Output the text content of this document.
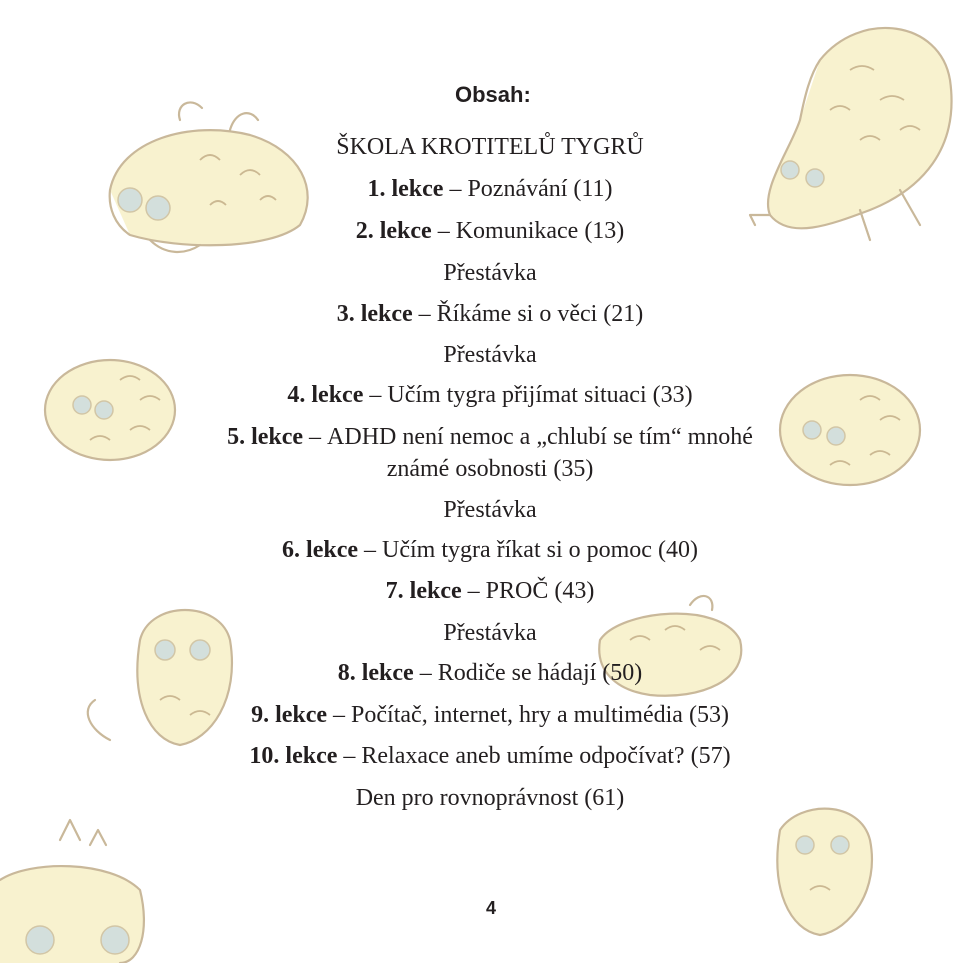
Obsah:
ŠKOLA KROTITELŮ TYGRŮ
1. lekce – Poznávání (11)
2. lekce – Komunikace (13)
Přestávka
3. lekce – Říkáme si o věci (21)
Přestávka
4. lekce – Učím tygra přijímat situaci (33)
5. lekce – ADHD není nemoc a „chlubí se tím“ mnohé
známé osobnosti (35)
Přestávka
6. lekce – Učím tygra říkat si o pomoc (40)
7. lekce – PROČ (43)
Přestávka
8. lekce – Rodiče se hádají (50)
9. lekce – Počítač, internet, hry a multimédia (53)
10. lekce – Relaxace aneb umíme odpočívat? (57)
Den pro rovnoprávnost (61)
4
